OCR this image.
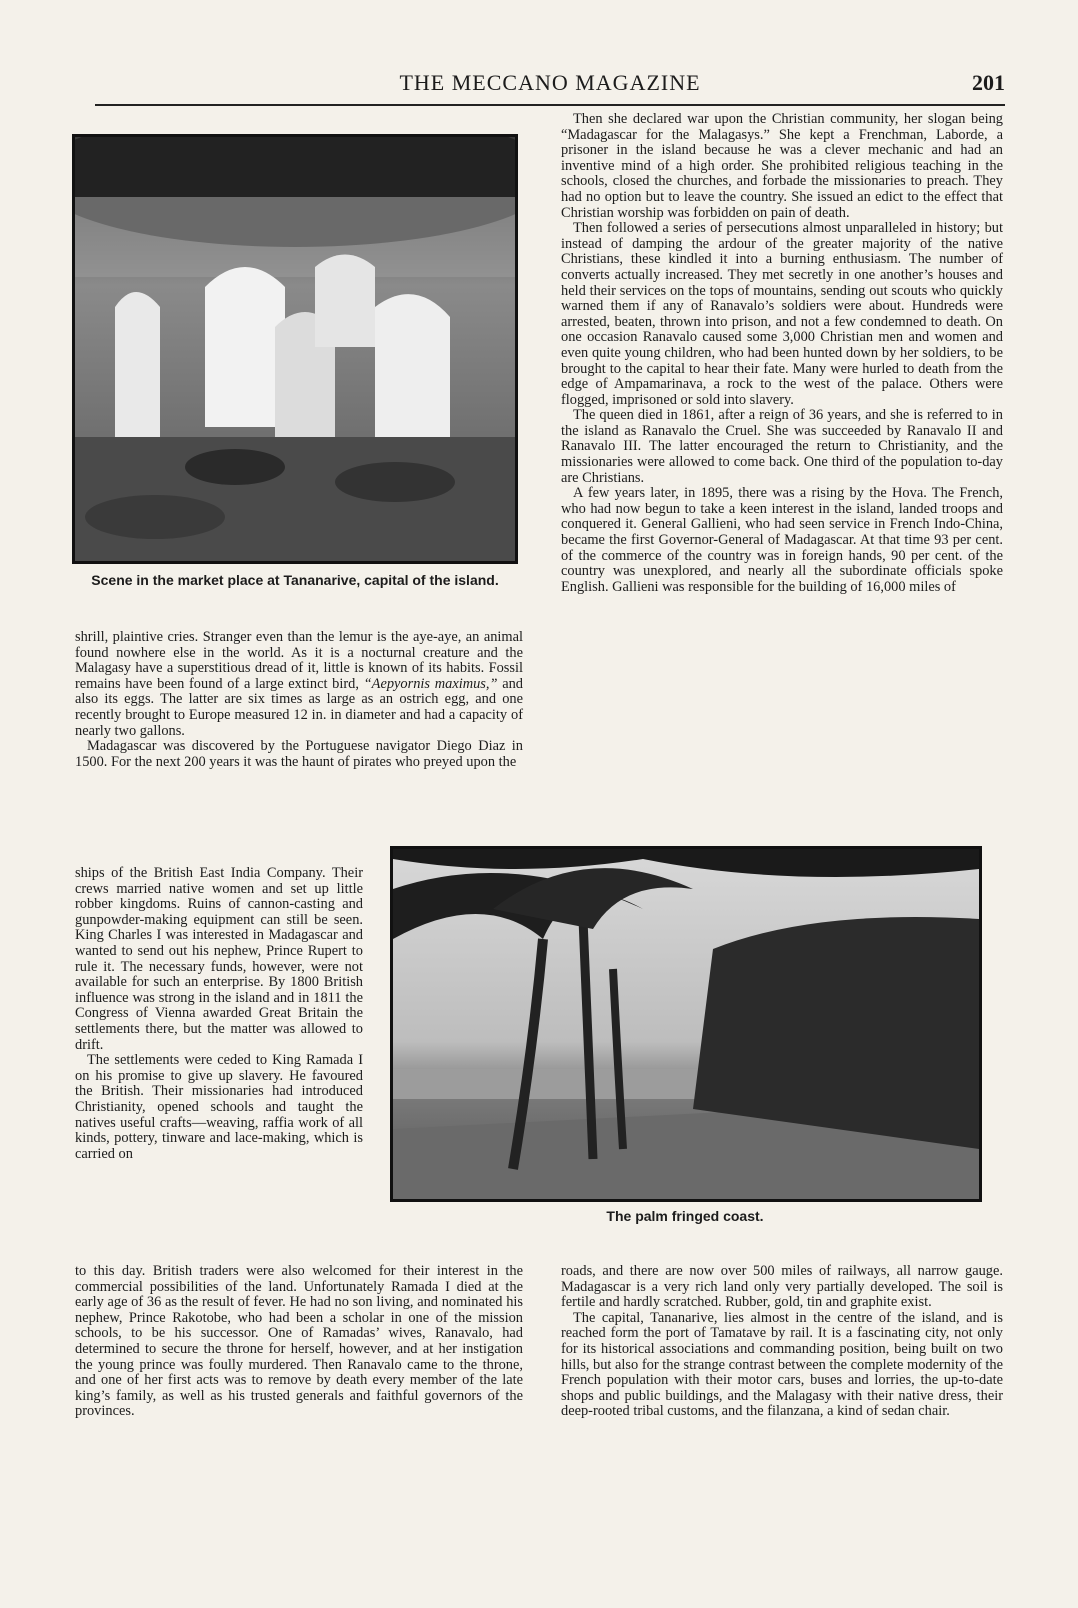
THE MECCANO MAGAZINE	201
Scene in the market place at Tananarive, capital of the island.
The palm fringed coast.

Then she declared war upon the Christian community, her slogan being “Madagascar for the Malagasys.” She kept a Frenchman, Laborde, a prisoner in the island because he was a clever mechanic and had an inventive mind of a high order. She prohibited religious teaching in the schools, closed the churches, and forbade the missionaries to preach. They had no option but to leave the country. She issued an edict to the effect that Christian worship was forbidden on pain of death.

Then followed a series of persecutions almost unparalleled in history; but instead of damping the ardour of the greater majority of the native Christians, these kindled it into a burning enthusiasm. The number of converts actually increased. They met secretly in one another’s houses and held their services on the tops of mountains, sending out scouts who quickly warned them if any of Ranavalo’s soldiers were about. Hundreds were arrested, beaten, thrown into prison, and not a few condemned to death. On one occasion Ranavalo caused some 3,000 Christian men and women and even quite young children, who had been hunted down by her soldiers, to be brought to the capital to hear their fate. Many were hurled to death from the edge of Ampamarinava, a rock to the west of the palace. Others were flogged, imprisoned or sold into slavery.

The queen died in 1861, after a reign of 36 years, and she is referred to in the island as Ranavalo the Cruel. She was succeeded by Ranavalo II and Ranavalo III. The latter encouraged the return to Christianity, and the missionaries were allowed to come back. One third of the population to-day are Christians.

A few years later, in 1895, there was a rising by the Hova. The French, who had now begun to take a keen interest in the island, landed troops and conquered it. General Gallieni, who had seen service in French Indo-China, became the first Governor-General of Madagascar. At that time 93 per cent. of the commerce of the country was in foreign hands, 90 per cent. of the country was unexplored, and nearly all the subordinate officials spoke English. Gallieni was responsible for the building of 16,000 miles of

shrill, plaintive cries. Stranger even than the lemur is the aye-aye, an animal found nowhere else in the world. As it is a nocturnal creature and the Malagasy have a superstitious dread of it, little is known of its habits. Fossil remains have been found of a large extinct bird, “Aepyornis maximus,” and also its eggs. The latter are six times as large as an ostrich egg, and one recently brought to Europe measured 12 in. in diameter and had a capacity of nearly two gallons.

Madagascar was discovered by the Portuguese navigator Diego Diaz in 1500. For the next 200 years it was the haunt of pirates who preyed upon the

ships of the British East India Company. Their crews married native women and set up little robber kingdoms. Ruins of cannon-casting and gunpowder-making equipment can still be seen. King Charles I was interested in Madagascar and wanted to send out his nephew, Prince Rupert to rule it. The necessary funds, however, were not available for such an enterprise. By 1800 British influence was strong in the island and in 1811 the Congress of Vienna awarded Great Britain the settlements there, but the matter was allowed to drift.

The settlements were ceded to King Ramada I on his promise to give up slavery. He favoured the British. Their missionaries had introduced Christianity, opened schools and taught the natives useful crafts—weaving, raffia work of all kinds, pottery, tinware and lace-making, which is carried on

to this day. British traders were also welcomed for their interest in the commercial possibilities of the land. Unfortunately Ramada I died at the early age of 36 as the result of fever. He had no son living, and nominated his nephew, Prince Rakotobe, who had been a scholar in one of the mission schools, to be his successor. One of Ramadas’ wives, Ranavalo, had determined to secure the throne for herself, however, and at her instigation the young prince was foully murdered. Then Ranavalo came to the throne, and one of her first acts was to remove by death every member of the late king’s family, as well as his trusted generals and faithful governors of the provinces.

roads, and there are now over 500 miles of railways, all narrow gauge. Madagascar is a very rich land only very partially developed. The soil is fertile and hardly scratched. Rubber, gold, tin and graphite exist.

The capital, Tananarive, lies almost in the centre of the island, and is reached form the port of Tamatave by rail. It is a fascinating city, not only for its historical associations and commanding position, being built on two hills, but also for the strange contrast between the complete modernity of the French population with their motor cars, buses and lorries, the up-to-date shops and public buildings, and the Malagasy with their native dress, their deep-rooted tribal customs, and the filanzana, a kind of sedan chair.
